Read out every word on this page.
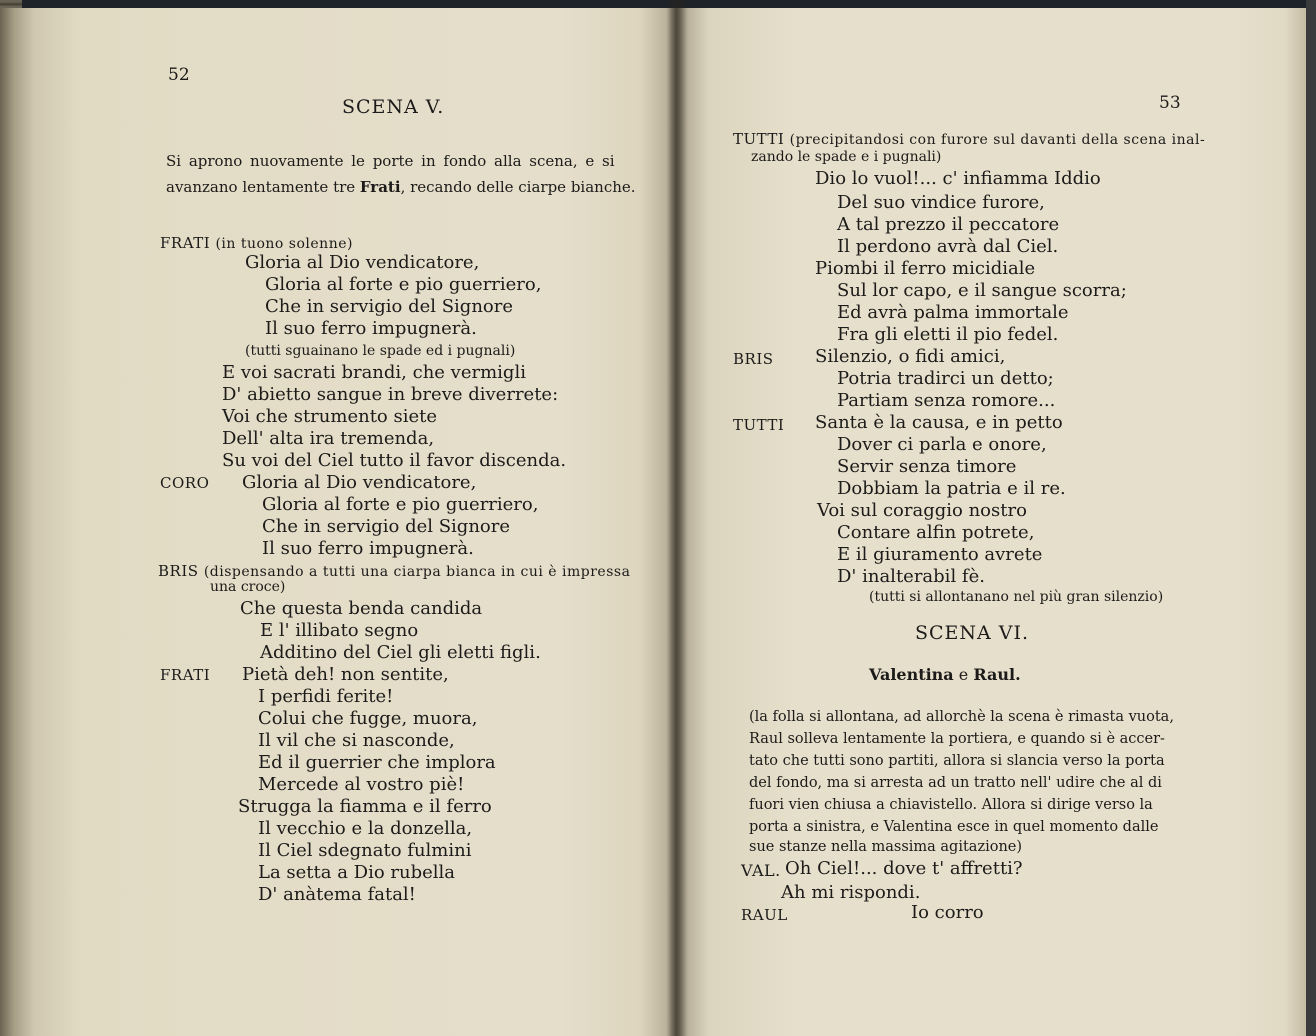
52
SCENA V.
Si aprono nuovamente le porte in fondo alla scena, e si
avanzano lentamente tre Frati, recando delle ciarpe bianche.
FRATI (in tuono solenne)
Gloria al Dio vendicatore,
Gloria al forte e pio guerriero,
Che in servigio del Signore
Il suo ferro impugnerà.
(tutti sguainano le spade ed i pugnali)
E voi sacrati brandi, che vermigli
D' abietto sangue in breve diverrete:
Voi che strumento siete
Dell' alta ira tremenda,
Su voi del Ciel tutto il favor discenda.
CORO Gloria al Dio vendicatore,
Gloria al forte e pio guerriero,
Che in servigio del Signore
Il suo ferro impugnerà.
BRIS (dispensando a tutti una ciarpa bianca in cui è impressa
una croce)
Che questa benda candida
E l' illibato segno
Additino del Ciel gli eletti figli.
FRATI Pietà deh! non sentite,
I perfidi ferite!
Colui che fugge, muora,
Il vil che si nasconde,
Ed il guerrier che implora
Mercede al vostro piè!
Strugga la fiamma e il ferro
Il vecchio e la donzella,
Il Ciel sdegnato fulmini
La setta a Dio rubella
D' anàtema fatal!
53
TUTTI (precipitandosi con furore sul davanti della scena inal-
zando le spade e i pugnali)
Dio lo vuol!... c' infiamma Iddio
Del suo vindice furore,
A tal prezzo il peccatore
Il perdono avrà dal Ciel.
Piombi il ferro micidiale
Sul lor capo, e il sangue scorra;
Ed avrà palma immortale
Fra gli eletti il pio fedel.
BRIS Silenzio, o fidi amici,
Potria tradirci un detto;
Partiam senza romore...
TUTTI Santa è la causa, e in petto
Dover ci parla e onore,
Servir senza timore
Dobbiam la patria e il re.
Voi sul coraggio nostro
Contare alfin potrete,
E il giuramento avrete
D' inalterabil fè.
(tutti si allontanano nel più gran silenzio)
SCENA VI.
Valentina e Raul.
(la folla si allontana, ad allorchè la scena è rimasta vuota,
Raul solleva lentamente la portiera, e quando si è accer-
tato che tutti sono partiti, allora si slancia verso la porta
del fondo, ma si arresta ad un tratto nell' udire che al di
fuori vien chiusa a chiavistello. Allora si dirige verso la
porta a sinistra, e Valentina esce in quel momento dalle
sue stanze nella massima agitazione)
VAL. Oh Ciel!... dove t' affretti?
Ah mi rispondi.
RAUL	Io corro
